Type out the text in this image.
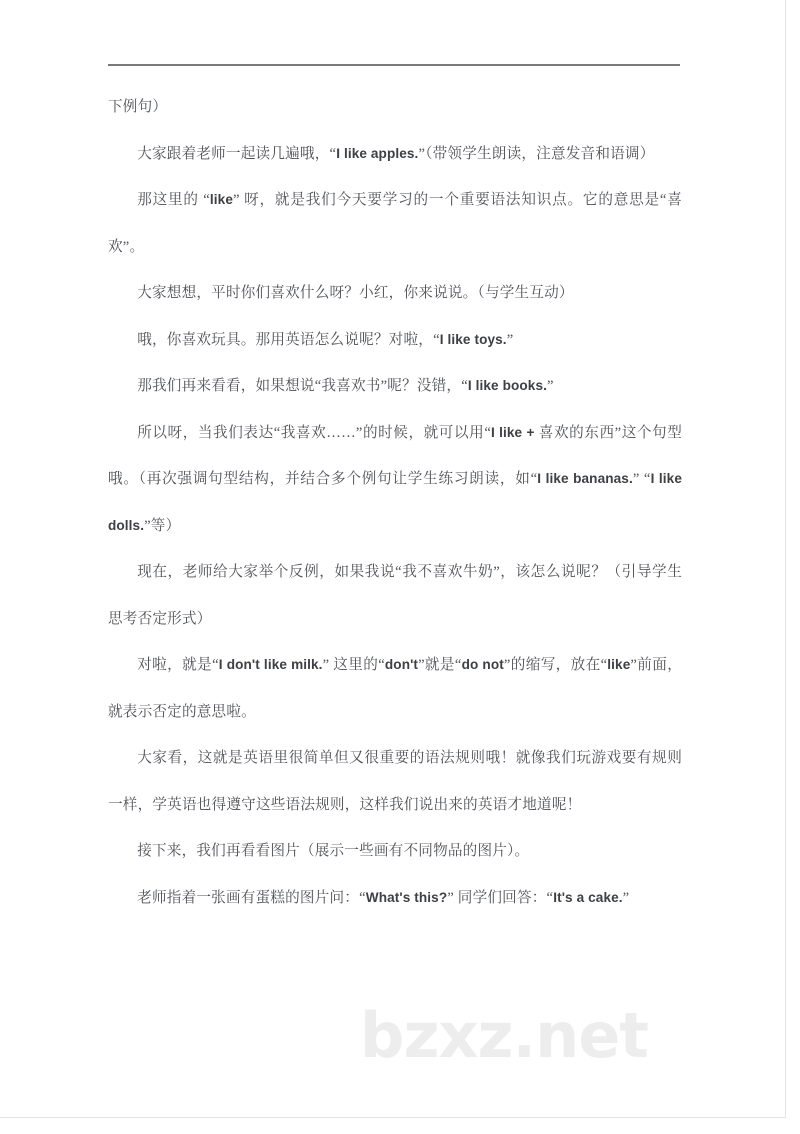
下例句）

大家跟着老师一起读几遍哦，“I like apples.”（带领学生朗读，注意发音和语调）

那这里的 “like” 呀，就是我们今天要学习的一个重要语法知识点。它的意思是“喜欢”。

大家想想，平时你们喜欢什么呀？小红，你来说说。（与学生互动）

哦，你喜欢玩具。那用英语怎么说呢？对啦，“I like toys.”

那我们再来看看，如果想说“我喜欢书”呢？没错，“I like books.”

所以呀，当我们表达“我喜欢……”的时候，就可以用“I like + 喜欢的东西”这个句型哦。（再次强调句型结构，并结合多个例句让学生练习朗读，如“I like bananas.” “I like dolls.”等）

现在，老师给大家举个反例，如果我说“我不喜欢牛奶”，该怎么说呢？（引导学生思考否定形式）

对啦，就是“I don't like milk.” 这里的“don't”就是“do not”的缩写，放在“like”前面，就表示否定的意思啦。

大家看，这就是英语里很简单但又很重要的语法规则哦！就像我们玩游戏要有规则一样，学英语也得遵守这些语法规则，这样我们说出来的英语才地道呢！

接下来，我们再看看图片（展示一些画有不同物品的图片）。

老师指着一张画有蛋糕的图片问：“What's this?” 同学们回答：“It's a cake.”

bzxz.net
